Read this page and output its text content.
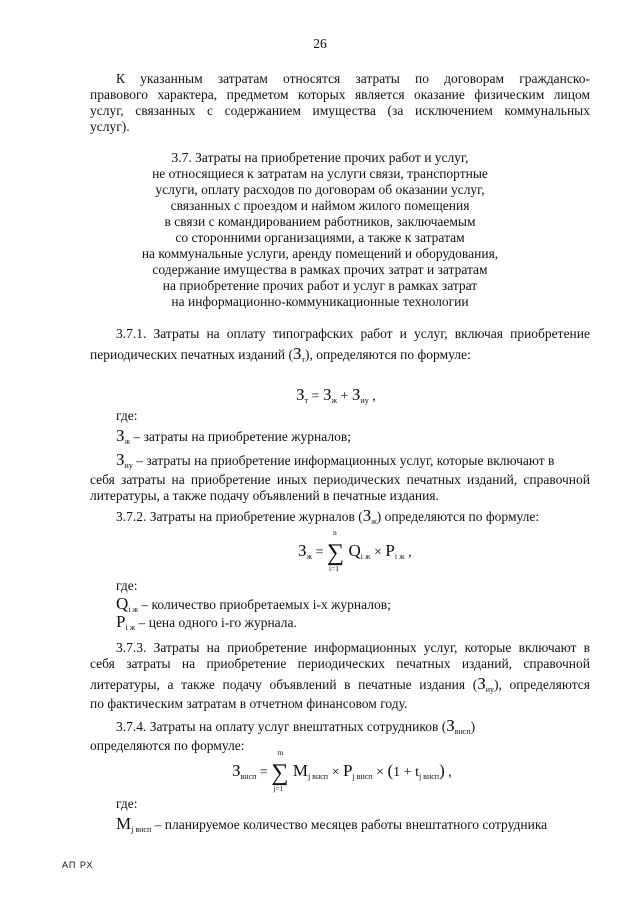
26
К указанным затратам относятся затраты по договорам гражданско-
правового характера, предметом которых является оказание физическим лицом
услуг, связанных с содержанием имущества (за исключением коммунальных
услуг).
3.7. Затраты на приобретение прочих работ и услуг,
не относящиеся к затратам на услуги связи, транспортные
услуги, оплату расходов по договорам об оказании услуг,
связанных с проездом и наймом жилого помещения
в связи с командированием работников, заключаемым
со сторонними организациями, а также к затратам
на коммунальные услуги, аренду помещений и оборудования,
содержание имущества в рамках прочих затрат и затратам
на приобретение прочих работ и услуг в рамках затрат
на информационно-коммуникационные технологии
3.7.1. Затраты на оплату типографских работ и услуг, включая приобретение
периодических печатных изданий $(З_т)$, определяются по формуле:
$З_т = З_ж + З_{иу}$ ,
где:
$З_ж$ – затраты на приобретение журналов;
$З_{иу}$ – затраты на приобретение информационных услуг, которые включают в
себя затраты на приобретение иных периодических печатных изданий, справочной
литературы, а также подачу объявлений в печатные издания.
3.7.2. Затраты на приобретение журналов $(З_ж)$ определяются по формуле:
$З_ж$ =
n
∑
i=1
$Q_{i ж} \times P_{i ж}$ ,
где:
$Q_{i ж}$ – количество приобретаемых i-х журналов;
$P_{i ж}$ – цена одного i-го журнала.
3.7.3. Затраты на приобретение информационных услуг, которые включают в
себя затраты на приобретение периодических печатных изданий, справочной
литературы, а также подачу объявлений в печатные издания $(З_{иу})$, определяются
по фактическим затратам в отчетном финансовом году.
3.7.4. Затраты на оплату услуг внештатных сотрудников $(З_{внсп})$
определяются по формуле:
$З_{внсп}$ =
m
∑
j=1
$M_{j внсп} \times P_{j внсп} \times (1 + t_{j внсп})$ ,
где:
$M_{j внсп}$ – планируемое количество месяцев работы внештатного сотрудника
АП РХ
